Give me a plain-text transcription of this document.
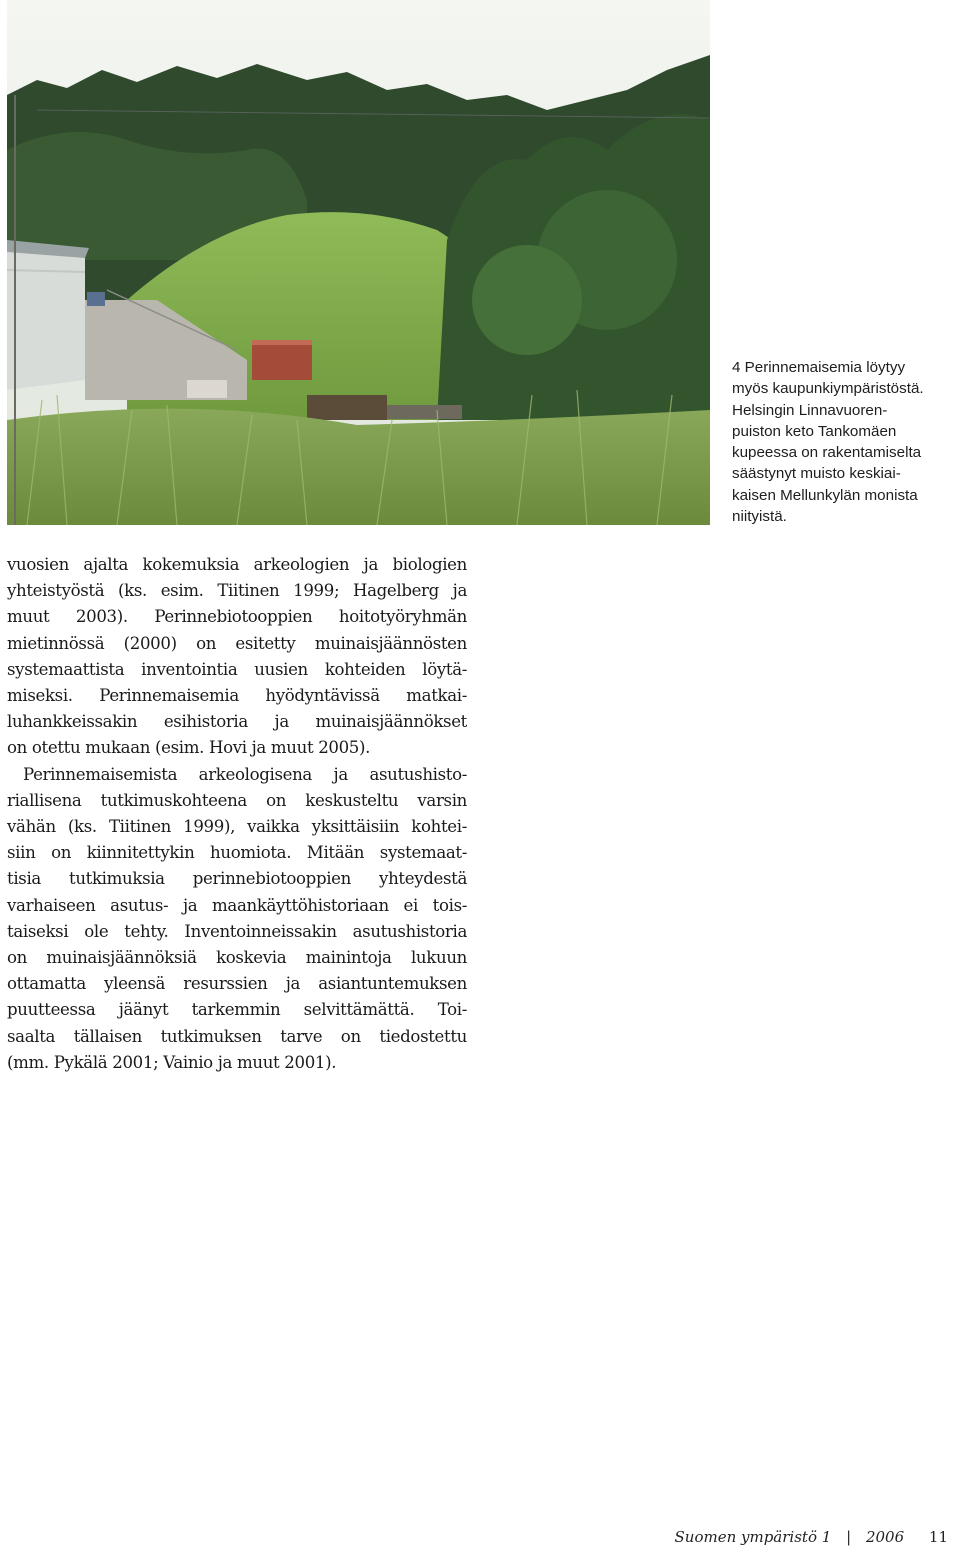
4 Perinnemaisemia löytyy
myös kaupunkiympäristöstä.
Helsingin Linnavuoren-
puiston keto Tankomäen
kupeessa on rakentamiselta
säästynyt muisto keskiai-
kaisen Mellunkylän monista
niityistä.
vuosien ajalta kokemuksia arkeologien ja biologien
yhteistyöstä (ks. esim. Tiitinen 1999; Hagelberg ja
muut 2003). Perinnebiotooppien hoitotyöryhmän
mietinnössä (2000) on esitetty muinaisjäännösten
systemaattista inventointia uusien kohteiden löytä-
miseksi. Perinnemaisemia hyödyntävissä matkai-
luhankkeissakin esihistoria ja muinaisjäännökset
on otettu mukaan (esim. Hovi ja muut 2005).
Perinnemaisemista arkeologisena ja asutushisto-
riallisena tutkimuskohteena on keskusteltu varsin
vähän (ks. Tiitinen 1999), vaikka yksittäisiin kohtei-
siin on kiinnitettykin huomiota. Mitään systemaat-
tisia tutkimuksia perinnebiotooppien yhteydestä
varhaiseen asutus- ja maankäyttöhistoriaan ei tois-
taiseksi ole tehty. Inventoinneissakin asutushistoria
on muinaisjäännöksiä koskevia mainintoja lukuun
ottamatta yleensä resurssien ja asiantuntemuksen
puutteessa jäänyt tarkemmin selvittämättä. Toi-
saalta tällaisen tutkimuksen tarve on tiedostettu
(mm. Pykälä 2001; Vainio ja muut 2001).
Suomen ympäristö 1 | 2006 11
